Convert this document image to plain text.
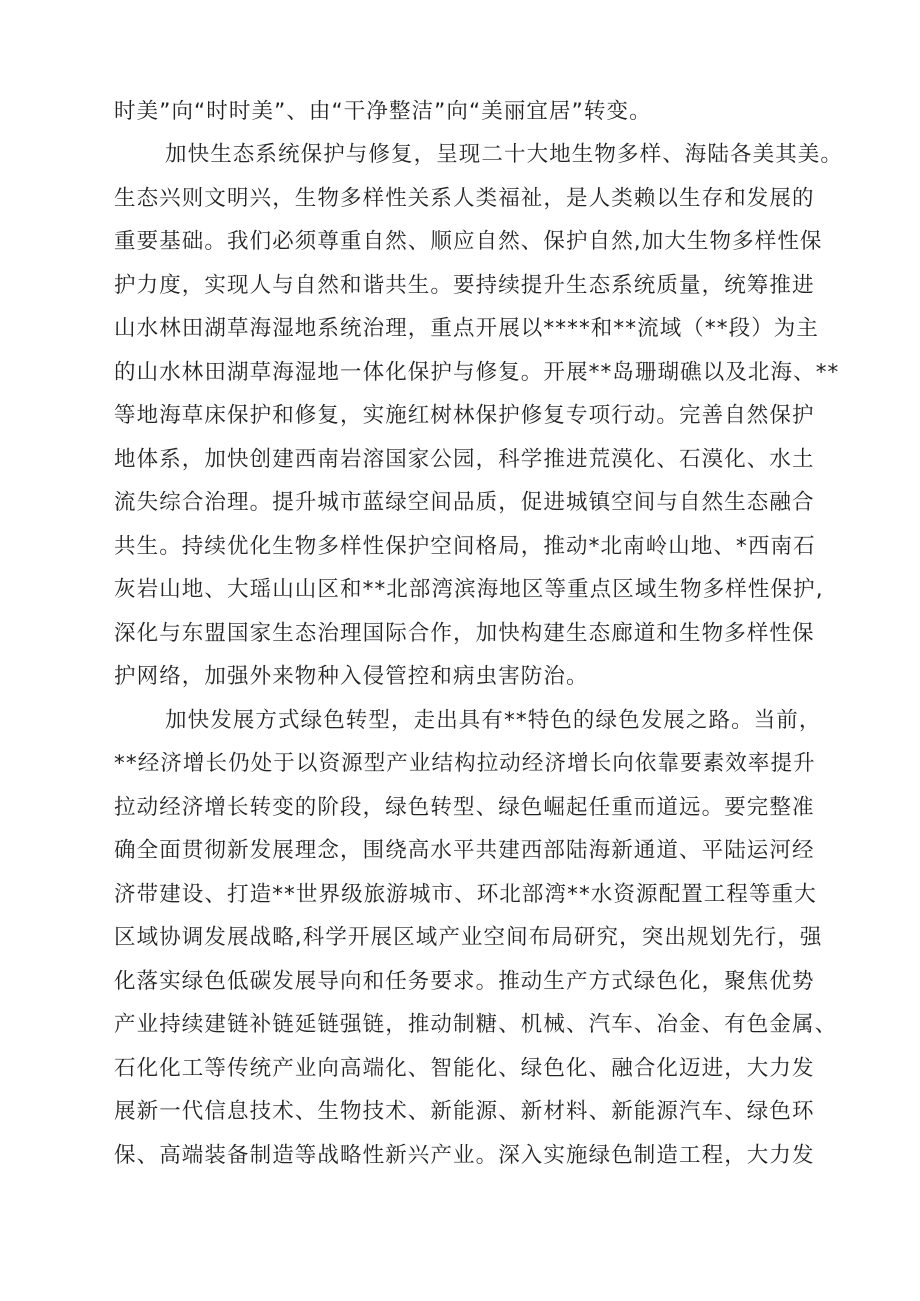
时美”向“时时美”、由“干净整洁”向“美丽宜居”转变。
加快生态系统保护与修复，呈现二十大地生物多样、海陆各美其美。
生态兴则文明兴，生物多样性关系人类福祉，是人类赖以生存和发展的
重要基础。我们必须尊重自然、顺应自然、保护自然,加大生物多样性保
护力度，实现人与自然和谐共生。要持续提升生态系统质量，统筹推进
山水林田湖草海湿地系统治理，重点开展以****和**流域（**段）为主
的山水林田湖草海湿地一体化保护与修复。开展**岛珊瑚礁以及北海、**
等地海草床保护和修复，实施红树林保护修复专项行动。完善自然保护
地体系，加快创建西南岩溶国家公园，科学推进荒漠化、石漠化、水土
流失综合治理。提升城市蓝绿空间品质，促进城镇空间与自然生态融合
共生。持续优化生物多样性保护空间格局，推动*北南岭山地、*西南石
灰岩山地、大瑶山山区和**北部湾滨海地区等重点区域生物多样性保护,
深化与东盟国家生态治理国际合作，加快构建生态廊道和生物多样性保
护网络，加强外来物种入侵管控和病虫害防治。
加快发展方式绿色转型，走出具有**特色的绿色发展之路。当前，
**经济增长仍处于以资源型产业结构拉动经济增长向依靠要素效率提升
拉动经济增长转变的阶段，绿色转型、绿色崛起任重而道远。要完整准
确全面贯彻新发展理念，围绕高水平共建西部陆海新通道、平陆运河经
济带建设、打造**世界级旅游城市、环北部湾**水资源配置工程等重大
区域协调发展战略,科学开展区域产业空间布局研究，突出规划先行，强
化落实绿色低碳发展导向和任务要求。推动生产方式绿色化，聚焦优势
产业持续建链补链延链强链，推动制糖、机械、汽车、冶金、有色金属、
石化化工等传统产业向高端化、智能化、绿色化、融合化迈进，大力发
展新一代信息技术、生物技术、新能源、新材料、新能源汽车、绿色环
保、高端装备制造等战略性新兴产业。深入实施绿色制造工程，大力发
